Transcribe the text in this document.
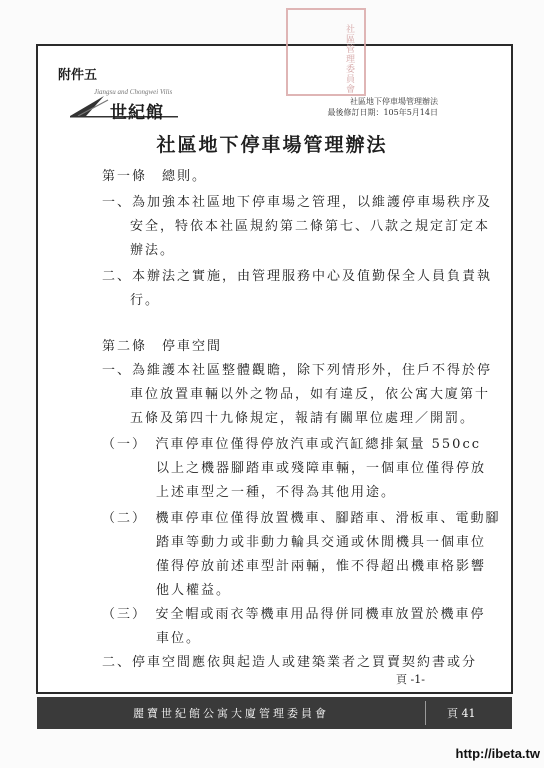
社區管理委員會
附件五
Jiangsu and Chongwei Vilis
世紀館
社區地下停車場管理辦法
最後修訂日期：105年5月14日
社區地下停車場管理辦法
第一條　總則。
一、為加強本社區地下停車場之管理，以維護停車場秩序及
安全，特依本社區規約第二條第七、八款之規定訂定本
辦法。
二、本辦法之實施，由管理服務中心及值勤保全人員負責執
行。
第二條　停車空間
一、為維護本社區整體觀瞻，除下列情形外，住戶不得於停
車位放置車輛以外之物品，如有違反，依公寓大廈第十
五條及第四十九條規定，報請有關單位處理／開罰。
（一）　汽車停車位僅得停放汽車或汽缸總排氣量 550cc
以上之機器腳踏車或殘障車輛，一個車位僅得停放
上述車型之一種，不得為其他用途。
（二）　機車停車位僅得放置機車、腳踏車、滑板車、電動腳
踏車等動力或非動力輪具交通或休閒機具一個車位
僅得停放前述車型計兩輛，惟不得超出機車格影響
他人權益。
（三）　安全帽或雨衣等機車用品得併同機車放置於機車停
車位。
二、停車空間應依與起造人或建築業者之買賣契約書或分
頁 -1-
麗寶世紀館公寓大廈管理委員會	頁 41
http://ibeta.tw
